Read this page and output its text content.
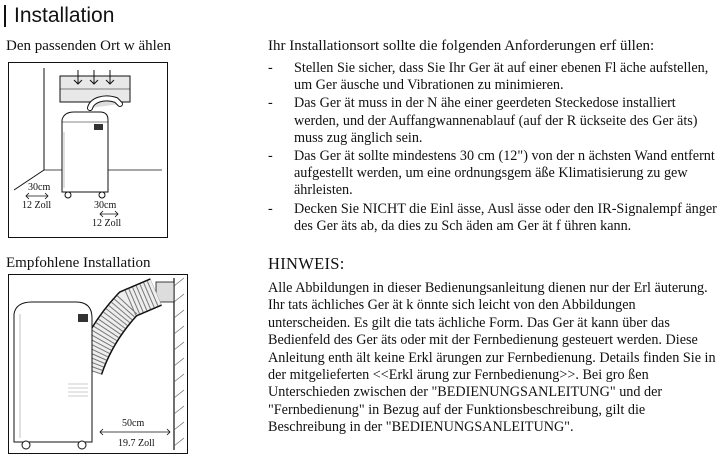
Installation
Den passenden Ort w ählen
30cm
12 Zoll	30cm
12 Zoll
Empfohlene Installation
50cm
19.7 Zoll
Ihr Installationsort sollte die folgenden Anforderungen erf üllen:
- Stellen Sie sicher, dass Sie Ihr Ger ät auf einer ebenen Fl äche aufstellen, um Ger äusche und Vibrationen zu minimieren.
- Das Ger ät muss in der N ähe einer geerdeten Steckedose installiert werden, und der Auffangwannenablauf (auf der R ückseite des Ger äts) muss zug änglich sein.
- Das Ger ät sollte mindestens 30 cm (12") von der n ächsten Wand entfernt aufgestellt werden, um eine ordnungsgem äße Klimatisierung zu gew ährleisten.
- Decken Sie NICHT die Einl ässe, Ausl ässe oder den IR-Signalempf änger des Ger äts ab, da dies zu Sch äden am Ger ät f ühren kann.
HINWEIS:

Alle Abbildungen in dieser Bedienungsanleitung dienen nur der Erl äuterung. Ihr tats ächliches Ger ät k önnte sich leicht von den Abbildungen unterscheiden. Es gilt die tats ächliche Form. Das Ger ät kann über das Bedienfeld des Ger äts oder mit der Fernbedienung gesteuert werden. Diese Anleitung enth ält keine Erkl ärungen zur Fernbedienung. Details finden Sie in der mitgelieferten <<Erkl ärung zur Fernbedienung>>. Bei gro ßen Unterschieden zwischen der "BEDIENUNGSANLEITUNG" und der "Fernbedienung" in Bezug auf der Funktionsbeschreibung, gilt die Beschreibung in der "BEDIENUNGSANLEITUNG".
